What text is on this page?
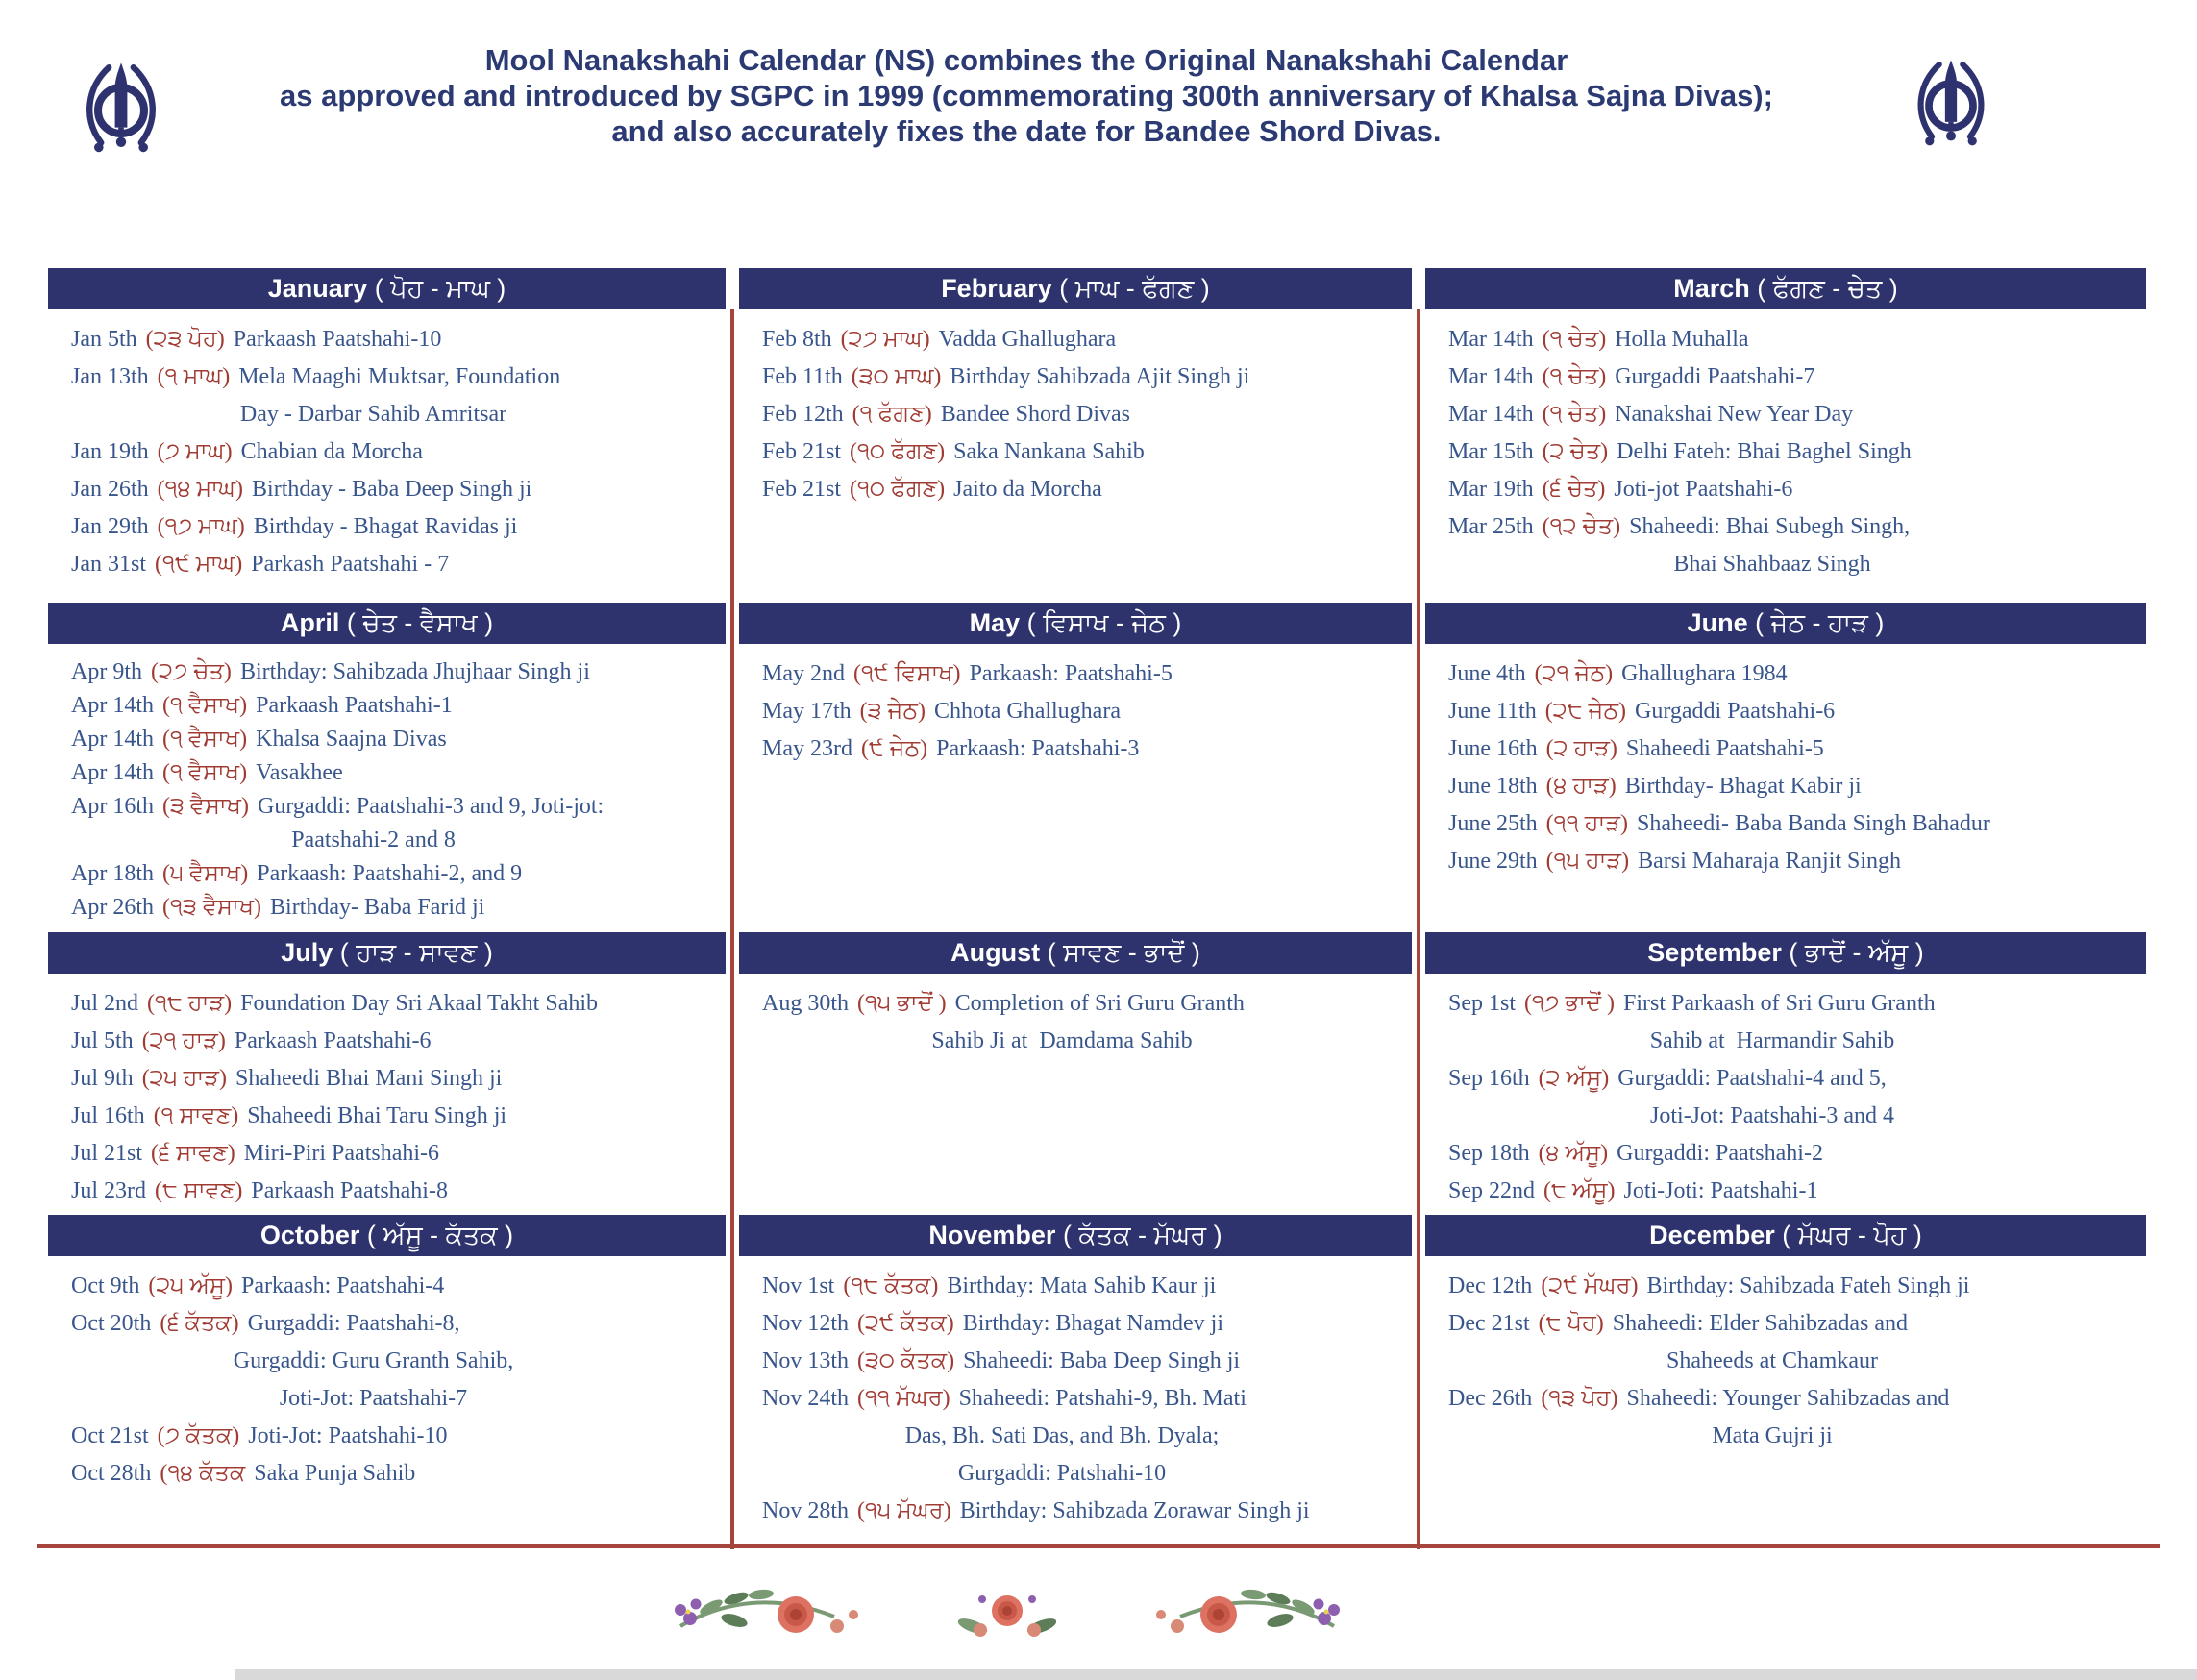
Mool Nanakshahi Calendar (NS) combines the Original Nanakshahi Calendar
as approved and introduced by SGPC in 1999 (commemorating 300th anniversary of Khalsa Sajna Divas);
and also accurately fixes the date for Bandee Shord Divas.
January ( ਪੋਹ - ਮਾਘ )
Jan 5th (੨੩ ਪੋਹ) Parkaash Paatshahi-10
Jan 13th (੧ ਮਾਘ) Mela Maaghi Muktsar, Foundation
Day - Darbar Sahib Amritsar
Jan 19th (੭ ਮਾਘ) Chabian da Morcha
Jan 26th (੧੪ ਮਾਘ) Birthday - Baba Deep Singh ji
Jan 29th (੧੭ ਮਾਘ) Birthday - Bhagat Ravidas ji
Jan 31st (੧੯ ਮਾਘ) Parkash Paatshahi - 7
February ( ਮਾਘ - ਫੱਗਣ )
Feb 8th (੨੭ ਮਾਘ) Vadda Ghallughara
Feb 11th (੩੦ ਮਾਘ) Birthday Sahibzada Ajit Singh ji
Feb 12th (੧ ਫੱਗਣ) Bandee Shord Divas
Feb 21st (੧੦ ਫੱਗਣ) Saka Nankana Sahib
Feb 21st (੧੦ ਫੱਗਣ) Jaito da Morcha
March ( ਫੱਗਣ - ਚੇਤ )
Mar 14th (੧ ਚੇਤ) Holla Muhalla
Mar 14th (੧ ਚੇਤ) Gurgaddi Paatshahi-7
Mar 14th (੧ ਚੇਤ) Nanakshai New Year Day
Mar 15th (੨ ਚੇਤ) Delhi Fateh: Bhai Baghel Singh
Mar 19th (੬ ਚੇਤ) Joti-jot Paatshahi-6
Mar 25th (੧੨ ਚੇਤ) Shaheedi: Bhai Subegh Singh,
Bhai Shahbaaz Singh
April ( ਚੇਤ - ਵੈਸਾਖ )
Apr 9th (੨੭ ਚੇਤ) Birthday: Sahibzada Jhujhaar Singh ji
Apr 14th (੧ ਵੈਸਾਖ) Parkaash Paatshahi-1
Apr 14th (੧ ਵੈਸਾਖ) Khalsa Saajna Divas
Apr 14th (੧ ਵੈਸਾਖ) Vasakhee
Apr 16th (੩ ਵੈਸਾਖ) Gurgaddi: Paatshahi-3 and 9, Joti-jot:
Paatshahi-2 and 8
Apr 18th (੫ ਵੈਸਾਖ) Parkaash: Paatshahi-2, and 9
Apr 26th (੧੩ ਵੈਸਾਖ) Birthday- Baba Farid ji
May ( ਵਿਸਾਖ - ਜੇਠ )
May 2nd (੧੯ ਵਿਸਾਖ) Parkaash: Paatshahi-5
May 17th (੩ ਜੇਠ) Chhota Ghallughara
May 23rd (੯ ਜੇਠ) Parkaash: Paatshahi-3
June ( ਜੇਠ - ਹਾੜ )
June 4th (੨੧ ਜੇਠ) Ghallughara 1984
June 11th (੨੮ ਜੇਠ) Gurgaddi Paatshahi-6
June 16th (੨ ਹਾੜ) Shaheedi Paatshahi-5
June 18th (੪ ਹਾੜ) Birthday- Bhagat Kabir ji
June 25th (੧੧ ਹਾੜ) Shaheedi- Baba Banda Singh Bahadur
June 29th (੧੫ ਹਾੜ) Barsi Maharaja Ranjit Singh
July ( ਹਾੜ - ਸਾਵਣ )
Jul 2nd (੧੮ ਹਾੜ) Foundation Day Sri Akaal Takht Sahib
Jul 5th (੨੧ ਹਾੜ) Parkaash Paatshahi-6
Jul 9th (੨੫ ਹਾੜ) Shaheedi Bhai Mani Singh ji
Jul 16th (੧ ਸਾਵਣ) Shaheedi Bhai Taru Singh ji
Jul 21st (੬ ਸਾਵਣ) Miri-Piri Paatshahi-6
Jul 23rd (੮ ਸਾਵਣ) Parkaash Paatshahi-8
August ( ਸਾਵਣ - ਭਾਦੋਂ )
Aug 30th (੧੫ ਭਾਦੋਂ ) Completion of Sri Guru Granth
Sahib Ji at  Damdama Sahib
September ( ਭਾਦੋਂ - ਅੱਸੂ )
Sep 1st (੧੭ ਭਾਦੋਂ ) First Parkaash of Sri Guru Granth
Sahib at  Harmandir Sahib
Sep 16th (੨ ਅੱਸੂ) Gurgaddi: Paatshahi-4 and 5,
Joti-Jot: Paatshahi-3 and 4
Sep 18th (੪ ਅੱਸੂ) Gurgaddi: Paatshahi-2
Sep 22nd (੮ ਅੱਸੂ) Joti-Joti: Paatshahi-1
October ( ਅੱਸੂ - ਕੱਤਕ )
Oct 9th (੨੫ ਅੱਸੂ) Parkaash: Paatshahi-4
Oct 20th (੬ ਕੱਤਕ) Gurgaddi: Paatshahi-8,
Gurgaddi: Guru Granth Sahib,
Joti-Jot: Paatshahi-7
Oct 21st (੭ ਕੱਤਕ) Joti-Jot: Paatshahi-10
Oct 28th (੧੪ ਕੱਤਕ Saka Punja Sahib
November ( ਕੱਤਕ - ਮੱਘਰ )
Nov 1st (੧੮ ਕੱਤਕ) Birthday: Mata Sahib Kaur ji
Nov 12th (੨੯ ਕੱਤਕ) Birthday: Bhagat Namdev ji
Nov 13th (੩੦ ਕੱਤਕ) Shaheedi: Baba Deep Singh ji
Nov 24th (੧੧ ਮੱਘਰ) Shaheedi: Patshahi-9, Bh. Mati
Das, Bh. Sati Das, and Bh. Dyala;
Gurgaddi: Patshahi-10
Nov 28th (੧੫ ਮੱਘਰ) Birthday: Sahibzada Zorawar Singh ji
December ( ਮੱਘਰ - ਪੋਹ )
Dec 12th (੨੯ ਮੱਘਰ) Birthday: Sahibzada Fateh Singh ji
Dec 21st (੮ ਪੋਹ) Shaheedi: Elder Sahibzadas and
Shaheeds at Chamkaur
Dec 26th (੧੩ ਪੋਹ) Shaheedi: Younger Sahibzadas and
Mata Gujri ji
